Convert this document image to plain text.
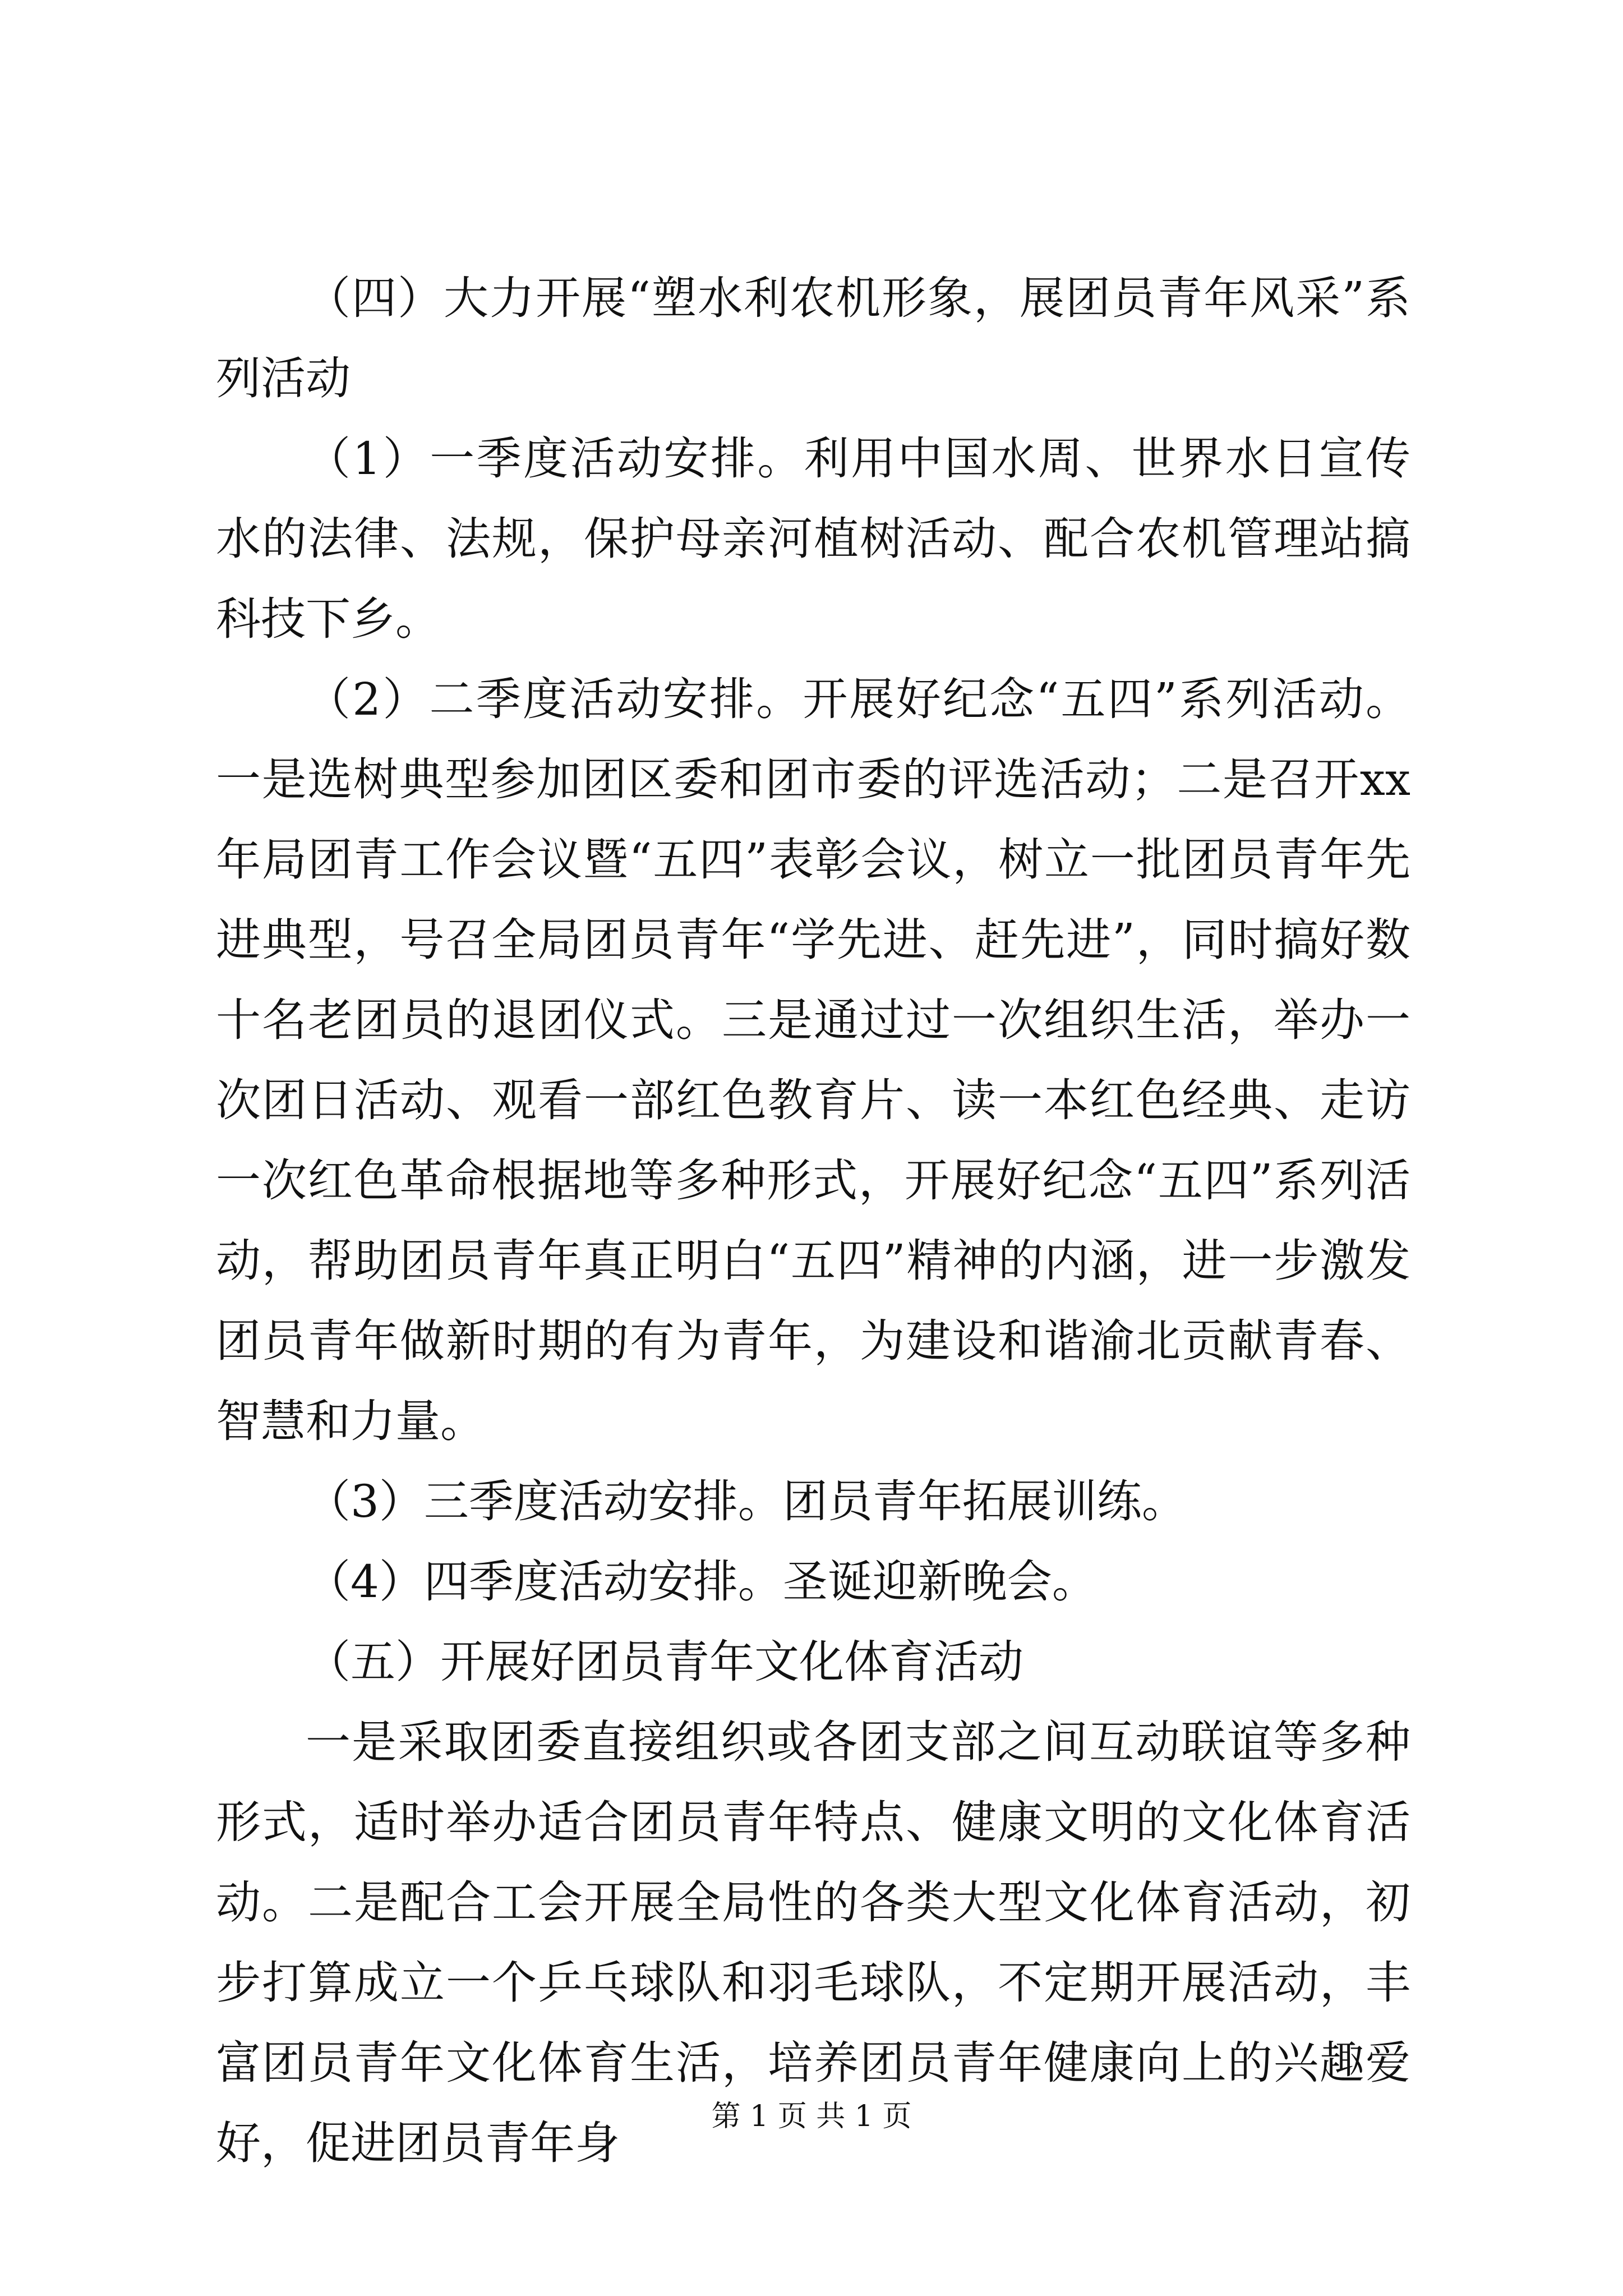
（四）大力开展“塑水利农机形象，展团员青年风采”系列活动

（1）一季度活动安排。利用中国水周、世界水日宣传水的法律、法规，保护母亲河植树活动、配合农机管理站搞科技下乡。

（2）二季度活动安排。开展好纪念“五四”系列活动。一是选树典型参加团区委和团市委的评选活动；二是召开xx年局团青工作会议暨“五四”表彰会议，树立一批团员青年先进典型，号召全局团员青年“学先进、赶先进”，同时搞好数十名老团员的退团仪式。三是通过过一次组织生活，举办一次团日活动、观看一部红色教育片、读一本红色经典、走访一次红色革命根据地等多种形式，开展好纪念“五四”系列活动，帮助团员青年真正明白“五四”精神的内涵，进一步激发团员青年做新时期的有为青年，为建设和谐渝北贡献青春、智慧和力量。

（3）三季度活动安排。团员青年拓展训练。

（4）四季度活动安排。圣诞迎新晚会。

（五）开展好团员青年文化体育活动

一是采取团委直接组织或各团支部之间互动联谊等多种形式，适时举办适合团员青年特点、健康文明的文化体育活动。二是配合工会开展全局性的各类大型文化体育活动，初步打算成立一个乒乓球队和羽毛球队，不定期开展活动，丰富团员青年文化体育生活，培养团员青年健康向上的兴趣爱好，促进团员青年身

第 1 页 共 1 页
